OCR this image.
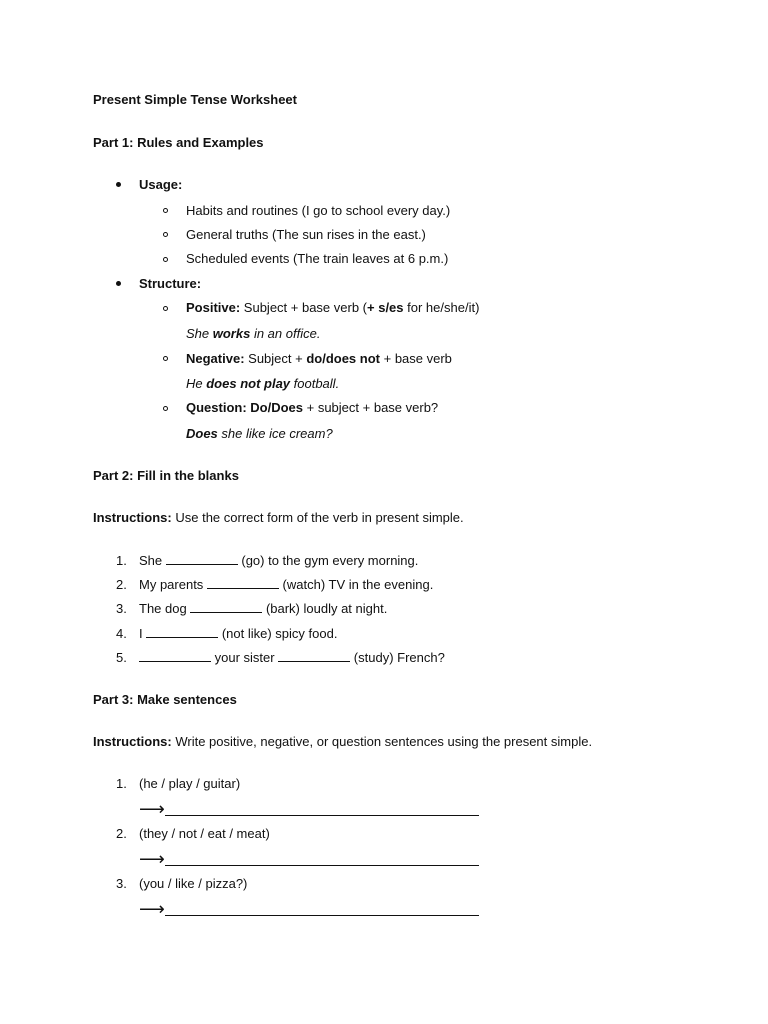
Present Simple Tense Worksheet
Part 1: Rules and Examples
Usage:
Habits and routines (I go to school every day.)
General truths (The sun rises in the east.)
Scheduled events (The train leaves at 6 p.m.)
Structure:
Positive: Subject + base verb (+ s/es for he/she/it)
She works in an office.
Negative: Subject + do/does not + base verb
He does not play football.
Question: Do/Does + subject + base verb?
Does she like ice cream?
Part 2: Fill in the blanks
Instructions: Use the correct form of the verb in present simple.
1. She	(go) to the gym every morning.
2. My parents	(watch) TV in the evening.
3. The dog	(bark) loudly at night.
4. I	(not like) spicy food.
5.	your sister	(study) French?
Part 3: Make sentences
Instructions: Write positive, negative, or question sentences using the present simple.
1. (he / play / guitar)
⟶
2. (they / not / eat / meat)
⟶
3. (you / like / pizza?)
⟶
